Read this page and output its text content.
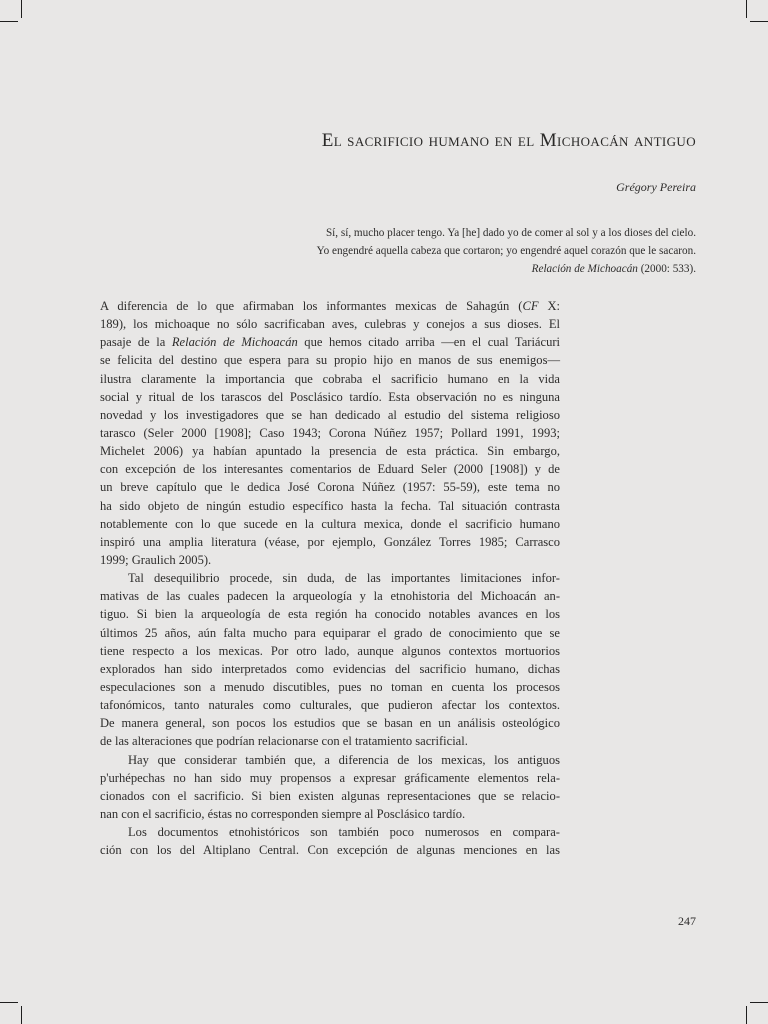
El sacrificio humano en el Michoacán antiguo
Grégory Pereira
Sí, sí, mucho placer tengo. Ya [he] dado yo de comer al sol y a los dioses del cielo.
Yo engendré aquella cabeza que cortaron; yo engendré aquel corazón que le sacaron.
Relación de Michoacán (2000: 533).
A diferencia de lo que afirmaban los informantes mexicas de Sahagún (CF X:
189), los michoaque no sólo sacrificaban aves, culebras y conejos a sus dioses. El
pasaje de la Relación de Michoacán que hemos citado arriba —en el cual Tariácuri
se felicita del destino que espera para su propio hijo en manos de sus enemigos—
ilustra claramente la importancia que cobraba el sacrificio humano en la vida
social y ritual de los tarascos del Posclásico tardío. Esta observación no es ninguna
novedad y los investigadores que se han dedicado al estudio del sistema religioso
tarasco (Seler 2000 [1908]; Caso 1943; Corona Núñez 1957; Pollard 1991, 1993;
Michelet 2006) ya habían apuntado la presencia de esta práctica. Sin embargo,
con excepción de los interesantes comentarios de Eduard Seler (2000 [1908]) y de
un breve capítulo que le dedica José Corona Núñez (1957: 55-59), este tema no
ha sido objeto de ningún estudio específico hasta la fecha. Tal situación contrasta
notablemente con lo que sucede en la cultura mexica, donde el sacrificio humano
inspiró una amplia literatura (véase, por ejemplo, González Torres 1985; Carrasco
1999; Graulich 2005).
Tal desequilibrio procede, sin duda, de las importantes limitaciones infor-
mativas de las cuales padecen la arqueología y la etnohistoria del Michoacán an-
tiguo. Si bien la arqueología de esta región ha conocido notables avances en los
últimos 25 años, aún falta mucho para equiparar el grado de conocimiento que se
tiene respecto a los mexicas. Por otro lado, aunque algunos contextos mortuorios
explorados han sido interpretados como evidencias del sacrificio humano, dichas
especulaciones son a menudo discutibles, pues no toman en cuenta los procesos
tafonómicos, tanto naturales como culturales, que pudieron afectar los contextos.
De manera general, son pocos los estudios que se basan en un análisis osteológico
de las alteraciones que podrían relacionarse con el tratamiento sacrificial.
Hay que considerar también que, a diferencia de los mexicas, los antiguos
p'urhépechas no han sido muy propensos a expresar gráficamente elementos rela-
cionados con el sacrificio. Si bien existen algunas representaciones que se relacio-
nan con el sacrificio, éstas no corresponden siempre al Posclásico tardío.
Los documentos etnohistóricos son también poco numerosos en compara-
ción con los del Altiplano Central. Con excepción de algunas menciones en las
247
